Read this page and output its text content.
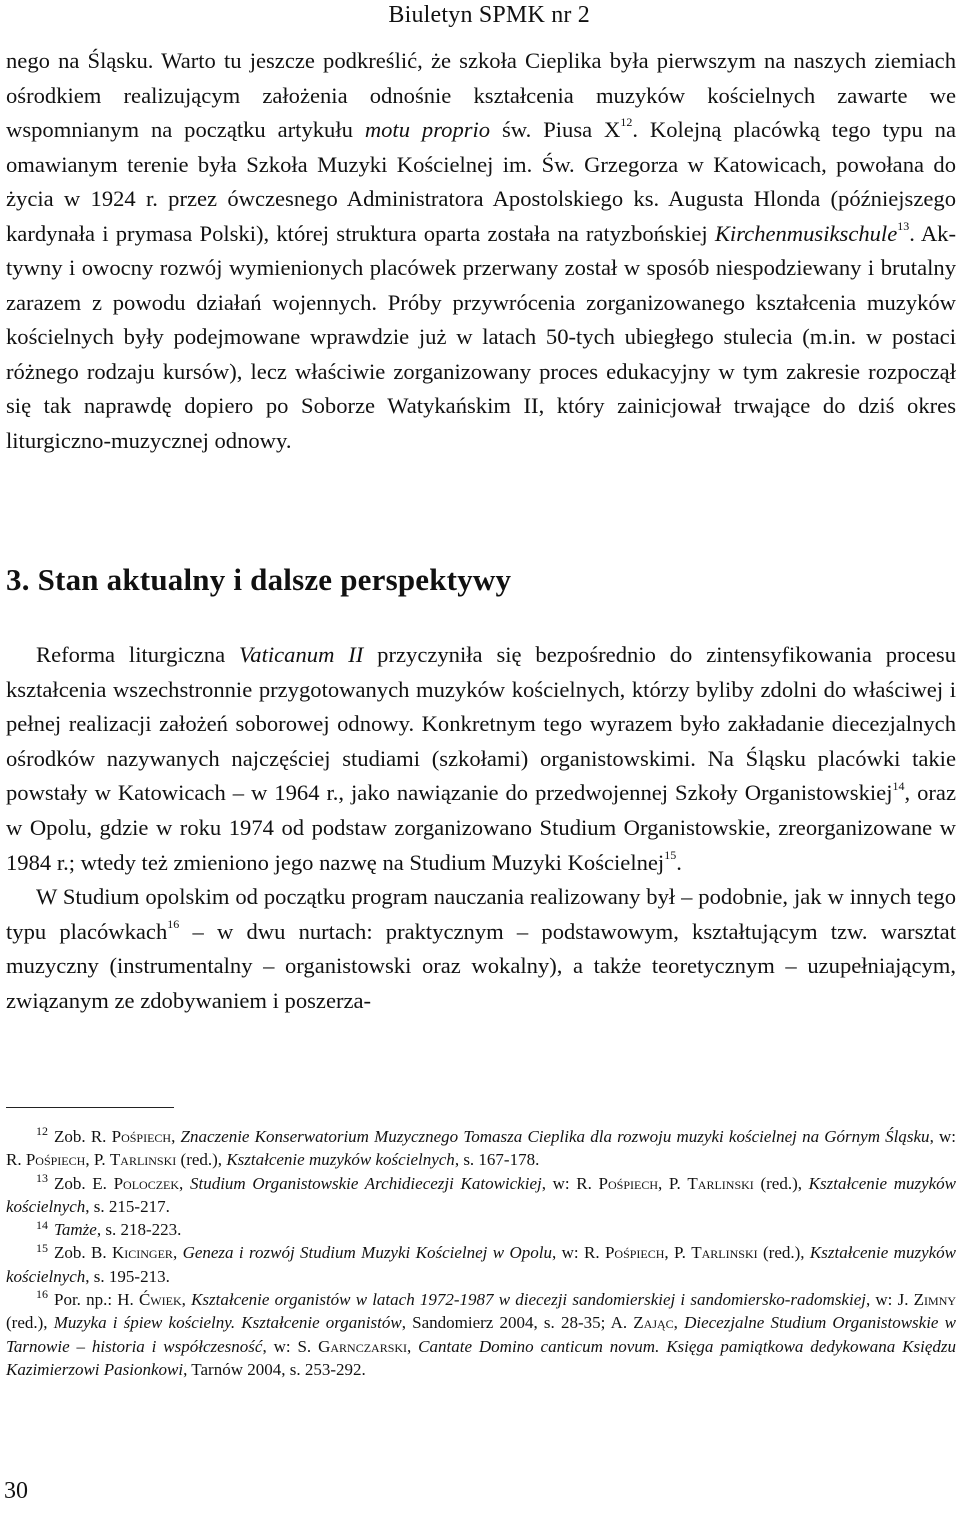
Biuletyn SPMK nr 2

nego na Śląsku. Warto tu jeszcze podkreślić, że szkoła Cieplika była pierwszym na naszych ziemiach ośrodkiem realizującym założenia odnośnie kształcenia muzyków kościelnych zawarte we wspomnianym na początku artykułu motu proprio św. Piusa $X^{12}$. Kolejną placówką tego typu na omawianym terenie była Szkoła Muzyki Kościelnej im. Św. Grzegorza w Katowicach, powołana do życia w 1924 r. przez ówczesnego Administratora Apostolskiego ks. Augusta Hlonda (późniejszego kardynała i prymasa Polski), której struktura oparta została na ratyzbońskiej Kirchenmusikschule$^{13}$. Aktywny i owocny rozwój wymienionych placówek przerwany został w sposób niespodziewany i brutalny zarazem z powodu działań wojennych. Próby przywrócenia zorganizowanego kształcenia muzyków kościelnych były podejmowane wprawdzie już w latach 50-tych ubiegłego stulecia (m.in. w postaci różnego rodzaju kursów), lecz właściwie zorganizowany proces edukacyjny w tym zakresie rozpoczął się tak naprawdę dopiero po Soborze Watykańskim II, który zainicjował trwające do dziś okres liturgiczno-muzycznej odnowy.

3. Stan aktualny i dalsze perspektywy

Reforma liturgiczna Vaticanum II przyczyniła się bezpośrednio do zintensyfikowania procesu kształcenia wszechstronnie przygotowanych muzyków kościelnych, którzy byliby zdolni do właściwej i pełnej realizacji założeń soborowej odnowy. Konkretnym tego wyrazem było zakładanie diecezjalnych ośrodków nazywanych najczęściej studiami (szkołami) organistowskimi. Na Śląsku placówki takie powstały w Katowicach – w 1964 r., jako nawiązanie do przedwojennej Szkoły Organistowskiej$^{14}$, oraz w Opolu, gdzie w roku 1974 od podstaw zorganizowano Studium Organistowskie, zreorganizowane w 1984 r.; wtedy też zmieniono jego nazwę na Studium Muzyki Kościelnej$^{15}$.

W Studium opolskim od początku program nauczania realizowany był – podobnie, jak w innych tego typu placówkach$^{16}$ – w dwu nurtach: praktycznym – podstawowym, kształtującym tzw. warsztat muzyczny (instrumentalny – organistowski oraz wokalny), a także teoretycznym – uzupełniającym, związanym ze zdobywaniem i poszerza-

$^{12}$ Zob. R. Pośpiech, Znaczenie Konserwatorium Muzycznego Tomasza Cieplika dla rozwoju muzyki kościelnej na Górnym Śląsku, w: R. Pośpiech, P. Tarlinski (red.), Kształcenie muzyków kościelnych, s. 167-178.

$^{13}$ Zob. E. Poloczek, Studium Organistowskie Archidiecezji Katowickiej, w: R. Pośpiech, P. Tarlinski (red.), Kształcenie muzyków kościelnych, s. 215-217.

$^{14}$ Tamże, s. 218-223.

$^{15}$ Zob. B. Kicinger, Geneza i rozwój Studium Muzyki Kościelnej w Opolu, w: R. Pośpiech, P. Tarlinski (red.), Kształcenie muzyków kościelnych, s. 195-213.

$^{16}$ Por. np.: H. Ćwiek, Kształcenie organistów w latach 1972-1987 w diecezji sandomierskiej i sandomiersko-radomskiej, w: J. Zimny (red.), Muzyka i śpiew kościelny. Kształcenie organistów, Sandomierz 2004, s. 28-35; A. Zając, Diecezjalne Studium Organistowskie w Tarnowie – historia i współczesność, w: S. Garnczarski, Cantate Domino canticum novum. Księga pamiątkowa dedykowana Księdzu Kazimierzowi Pasionkowi, Tarnów 2004, s. 253-292.

30
